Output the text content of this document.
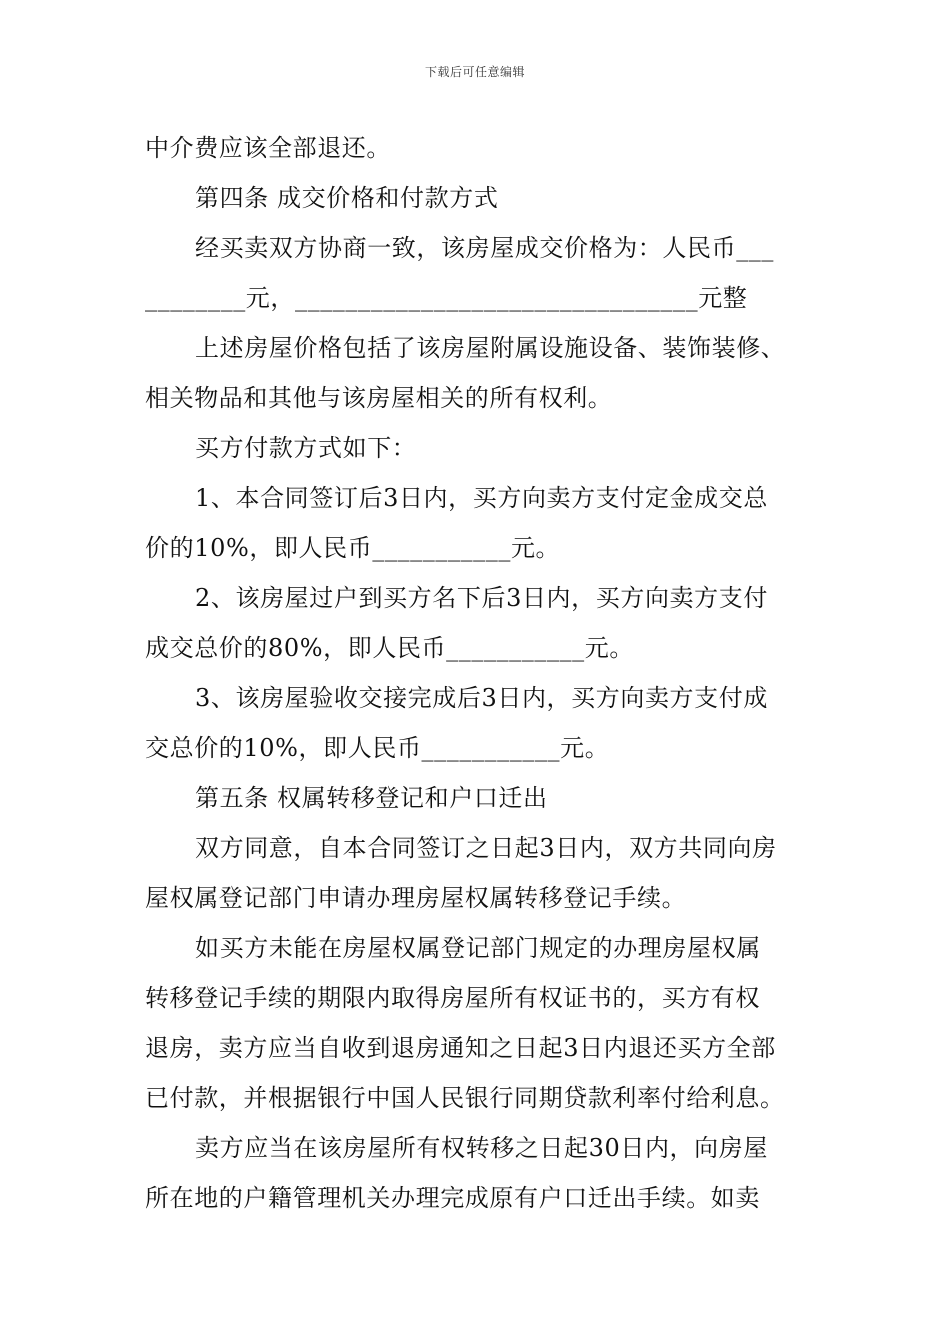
下载后可任意编辑
中介费应该全部退还。
第四条 成交价格和付款方式
经买卖双方协商一致，该房屋成交价格为：人民币___
________元，________________________________元整
上述房屋价格包括了该房屋附属设施设备、装饰装修、
相关物品和其他与该房屋相关的所有权利。
买方付款方式如下：
1、本合同签订后3日内，买方向卖方支付定金成交总
价的10%，即人民币___________元。
2、该房屋过户到买方名下后3日内，买方向卖方支付
成交总价的80%，即人民币___________元。
3、该房屋验收交接完成后3日内，买方向卖方支付成
交总价的10%，即人民币___________元。
第五条 权属转移登记和户口迁出
双方同意，自本合同签订之日起3日内，双方共同向房
屋权属登记部门申请办理房屋权属转移登记手续。
如买方未能在房屋权属登记部门规定的办理房屋权属
转移登记手续的期限内取得房屋所有权证书的，买方有权
退房，卖方应当自收到退房通知之日起3日内退还买方全部
已付款，并根据银行中国人民银行同期贷款利率付给利息。
卖方应当在该房屋所有权转移之日起30日内，向房屋
所在地的户籍管理机关办理完成原有户口迁出手续。如卖
